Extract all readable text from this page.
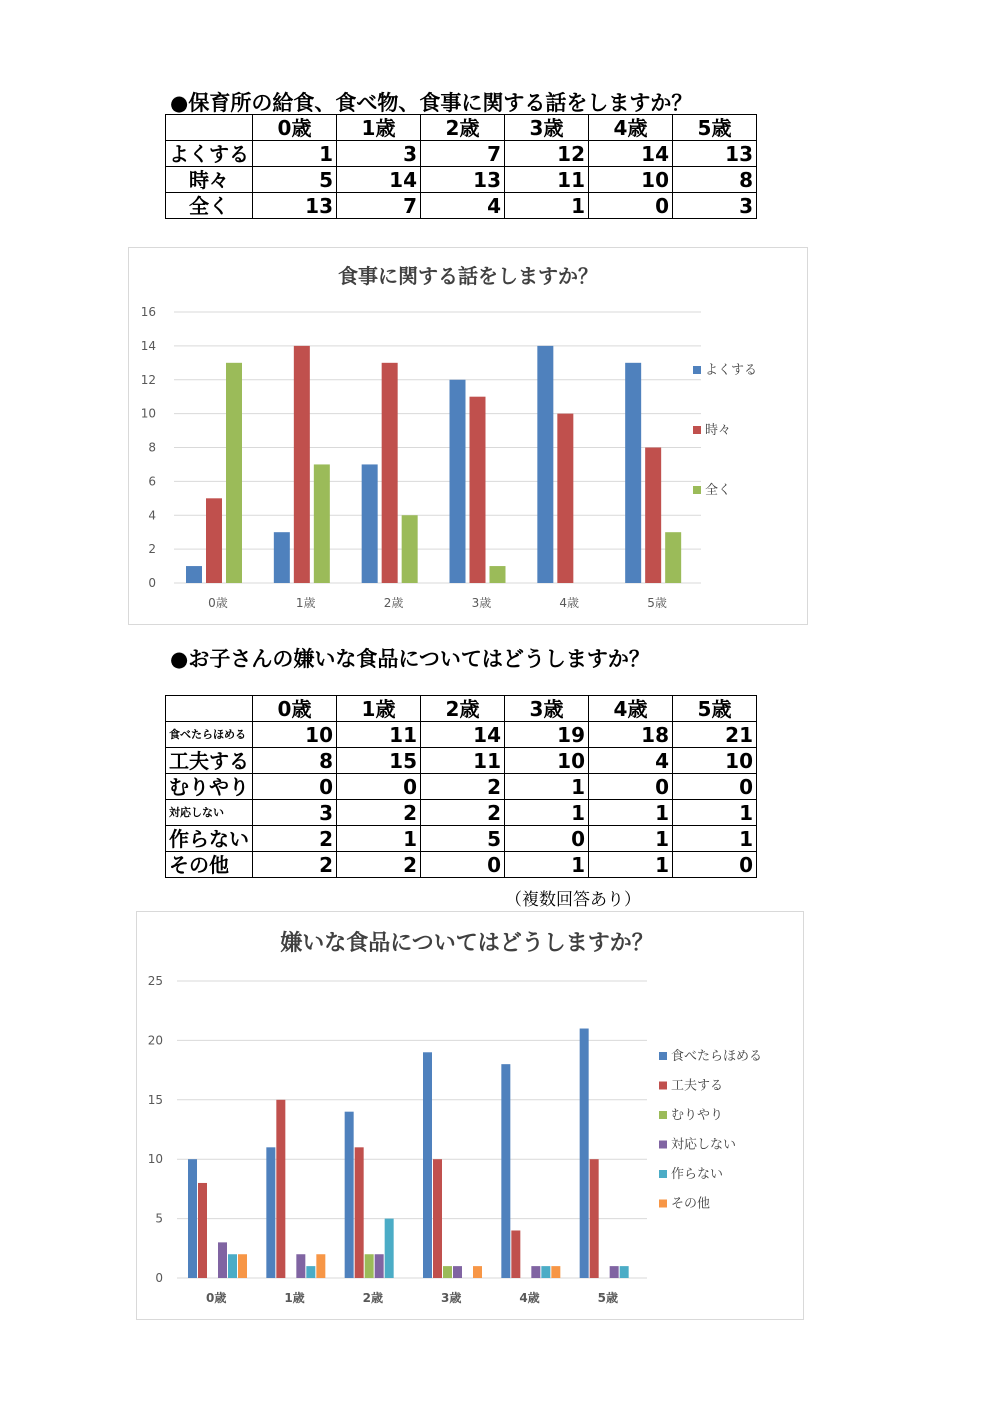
●保育所の給食、食べ物、食事に関する話をしますか？
	0歳	1歳	2歳	3歳	4歳	5歳
よくする	1	3	7	12	14	13
時々	5	14	13	11	10	8
全く	13	7	4	1	0	3
食事に関する話をしますか？
0
2
4
6
8
10
12
14
16
0歳	1歳	2歳	3歳	4歳	5歳
よくする
時々
全く
●お子さんの嫌いな食品についてはどうしますか？
	0歳	1歳	2歳	3歳	4歳	5歳
食べたらほめる	10	11	14	19	18	21
工夫する	8	15	11	10	4	10
むりやり	0	0	2	1	0	0
対応しない	3	2	2	1	1	1
作らない	2	1	5	0	1	1
その他	2	2	0	1	1	0
（複数回答あり）
嫌いな食品についてはどうしますか？
0
5
10
15
20
25
0歳	1歳	2歳	3歳	4歳	5歳
食べたらほめる
工夫する
むりやり
対応しない
作らない
その他
